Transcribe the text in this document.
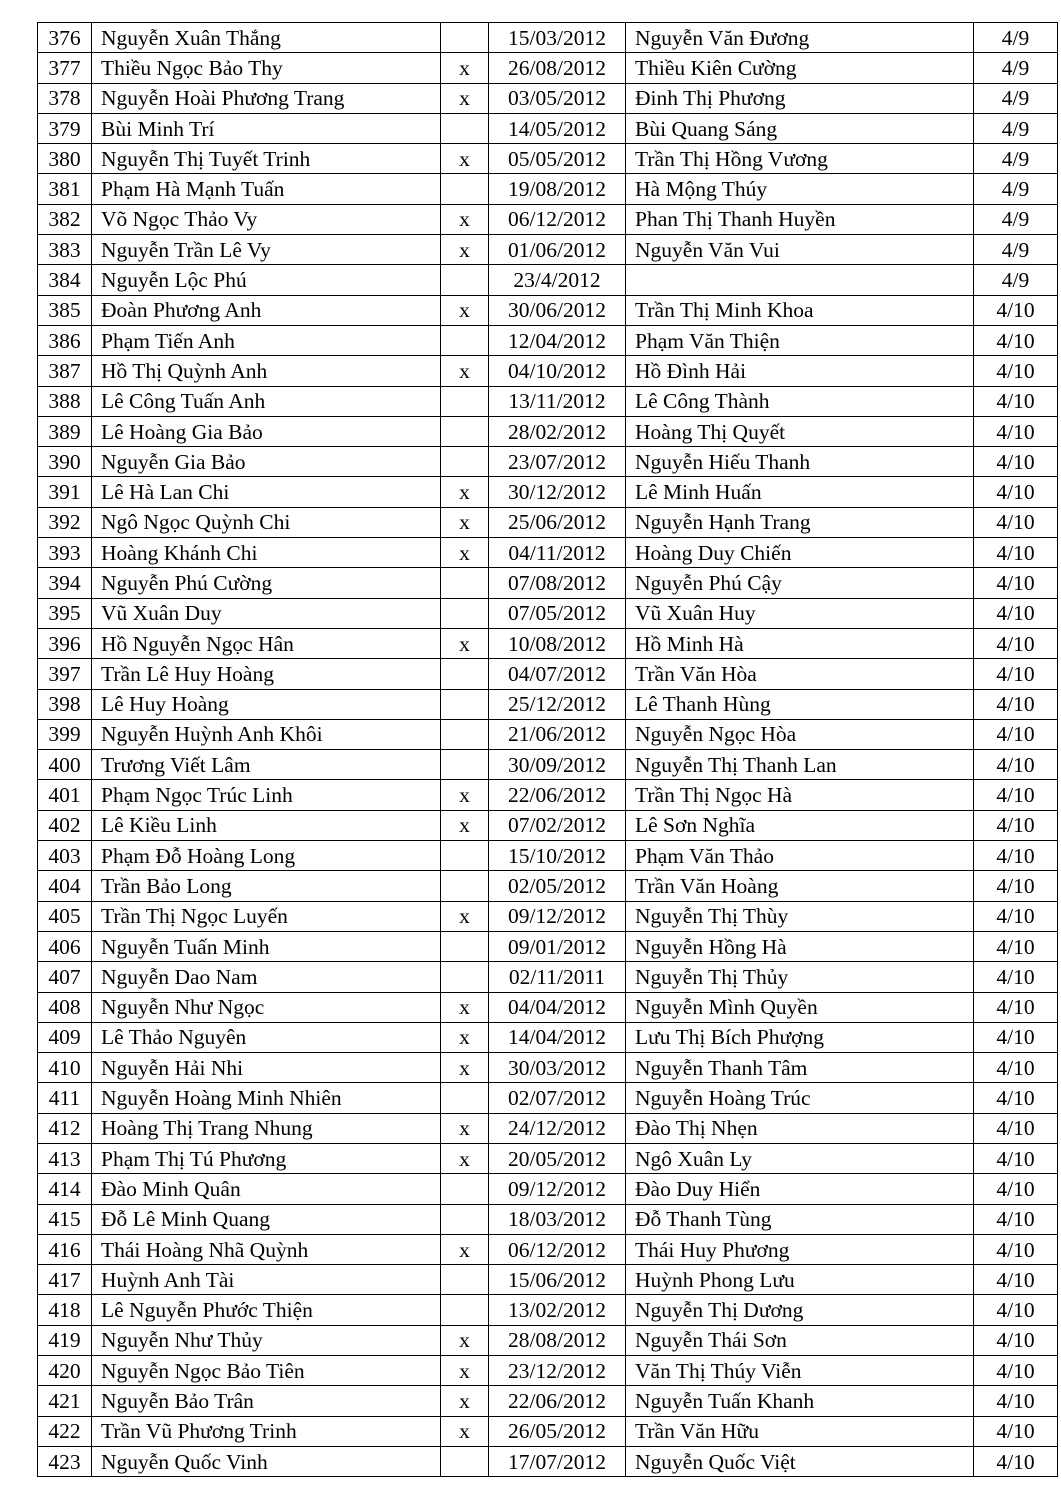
376	Nguyễn Xuân Thắng		15/03/2012	Nguyễn Văn Đương	4/9
377	Thiều Ngọc Bảo Thy	x	26/08/2012	Thiều Kiên Cường	4/9
378	Nguyễn Hoài Phương Trang	x	03/05/2012	Đinh Thị Phương	4/9
379	Bùi Minh Trí		14/05/2012	Bùi Quang Sáng	4/9
380	Nguyễn Thị Tuyết Trinh	x	05/05/2012	Trần Thị Hồng Vương	4/9
381	Phạm Hà Mạnh Tuấn		19/08/2012	Hà Mộng Thúy	4/9
382	Võ Ngọc Thảo Vy	x	06/12/2012	Phan Thị Thanh Huyền	4/9
383	Nguyễn Trần Lê Vy	x	01/06/2012	Nguyễn Văn Vui	4/9
384	Nguyễn Lộc Phú		23/4/2012		4/9
385	Đoàn Phương Anh	x	30/06/2012	Trần Thị Minh Khoa	4/10
386	Phạm Tiến Anh		12/04/2012	Phạm Văn Thiện	4/10
387	Hồ Thị Quỳnh Anh	x	04/10/2012	Hồ Đình Hải	4/10
388	Lê Công Tuấn Anh		13/11/2012	Lê Công Thành	4/10
389	Lê Hoàng Gia Bảo		28/02/2012	Hoàng Thị Quyết	4/10
390	Nguyễn Gia Bảo		23/07/2012	Nguyễn Hiếu Thanh	4/10
391	Lê Hà Lan Chi	x	30/12/2012	Lê Minh Huấn	4/10
392	Ngô Ngọc Quỳnh Chi	x	25/06/2012	Nguyễn Hạnh Trang	4/10
393	Hoàng Khánh Chi	x	04/11/2012	Hoàng Duy Chiến	4/10
394	Nguyễn Phú Cường		07/08/2012	Nguyễn Phú Cậy	4/10
395	Vũ Xuân Duy		07/05/2012	Vũ Xuân Huy	4/10
396	Hồ Nguyễn Ngọc Hân	x	10/08/2012	Hồ Minh Hà	4/10
397	Trần Lê Huy Hoàng		04/07/2012	Trần Văn Hòa	4/10
398	Lê Huy Hoàng		25/12/2012	Lê Thanh Hùng	4/10
399	Nguyễn Huỳnh Anh Khôi		21/06/2012	Nguyễn Ngọc Hòa	4/10
400	Trương Viết Lâm		30/09/2012	Nguyễn Thị Thanh Lan	4/10
401	Phạm Ngọc Trúc Linh	x	22/06/2012	Trần Thị Ngọc Hà	4/10
402	Lê Kiều Linh	x	07/02/2012	Lê Sơn Nghĩa	4/10
403	Phạm Đỗ Hoàng Long		15/10/2012	Phạm Văn Thảo	4/10
404	Trần Bảo Long		02/05/2012	Trần Văn Hoàng	4/10
405	Trần Thị Ngọc Luyến	x	09/12/2012	Nguyễn Thị Thùy	4/10
406	Nguyễn Tuấn Minh		09/01/2012	Nguyễn Hồng Hà	4/10
407	Nguyễn Dao Nam		02/11/2011	Nguyễn Thị Thủy	4/10
408	Nguyễn Như Ngọc	x	04/04/2012	Nguyễn Mình Quyền	4/10
409	Lê Thảo Nguyên	x	14/04/2012	Lưu Thị Bích Phượng	4/10
410	Nguyễn Hải Nhi	x	30/03/2012	Nguyễn Thanh Tâm	4/10
411	Nguyễn Hoàng Minh Nhiên		02/07/2012	Nguyễn Hoàng Trúc	4/10
412	Hoàng Thị Trang Nhung	x	24/12/2012	Đào Thị Nhẹn	4/10
413	Phạm Thị Tú Phương	x	20/05/2012	Ngô Xuân Ly	4/10
414	Đào Minh Quân		09/12/2012	Đào Duy Hiển	4/10
415	Đỗ Lê Minh Quang		18/03/2012	Đỗ Thanh Tùng	4/10
416	Thái Hoàng Nhã Quỳnh	x	06/12/2012	Thái Huy Phương	4/10
417	Huỳnh Anh Tài		15/06/2012	Huỳnh Phong Lưu	4/10
418	Lê Nguyễn Phước Thiện		13/02/2012	Nguyễn Thị Dương	4/10
419	Nguyễn Như Thủy	x	28/08/2012	Nguyễn Thái Sơn	4/10
420	Nguyễn Ngọc Bảo Tiên	x	23/12/2012	Văn Thị Thúy Viễn	4/10
421	Nguyễn Bảo Trân	x	22/06/2012	Nguyễn Tuấn Khanh	4/10
422	Trần Vũ Phương Trinh	x	26/05/2012	Trần Văn Hữu	4/10
423	Nguyễn Quốc Vinh		17/07/2012	Nguyễn Quốc Việt	4/10
